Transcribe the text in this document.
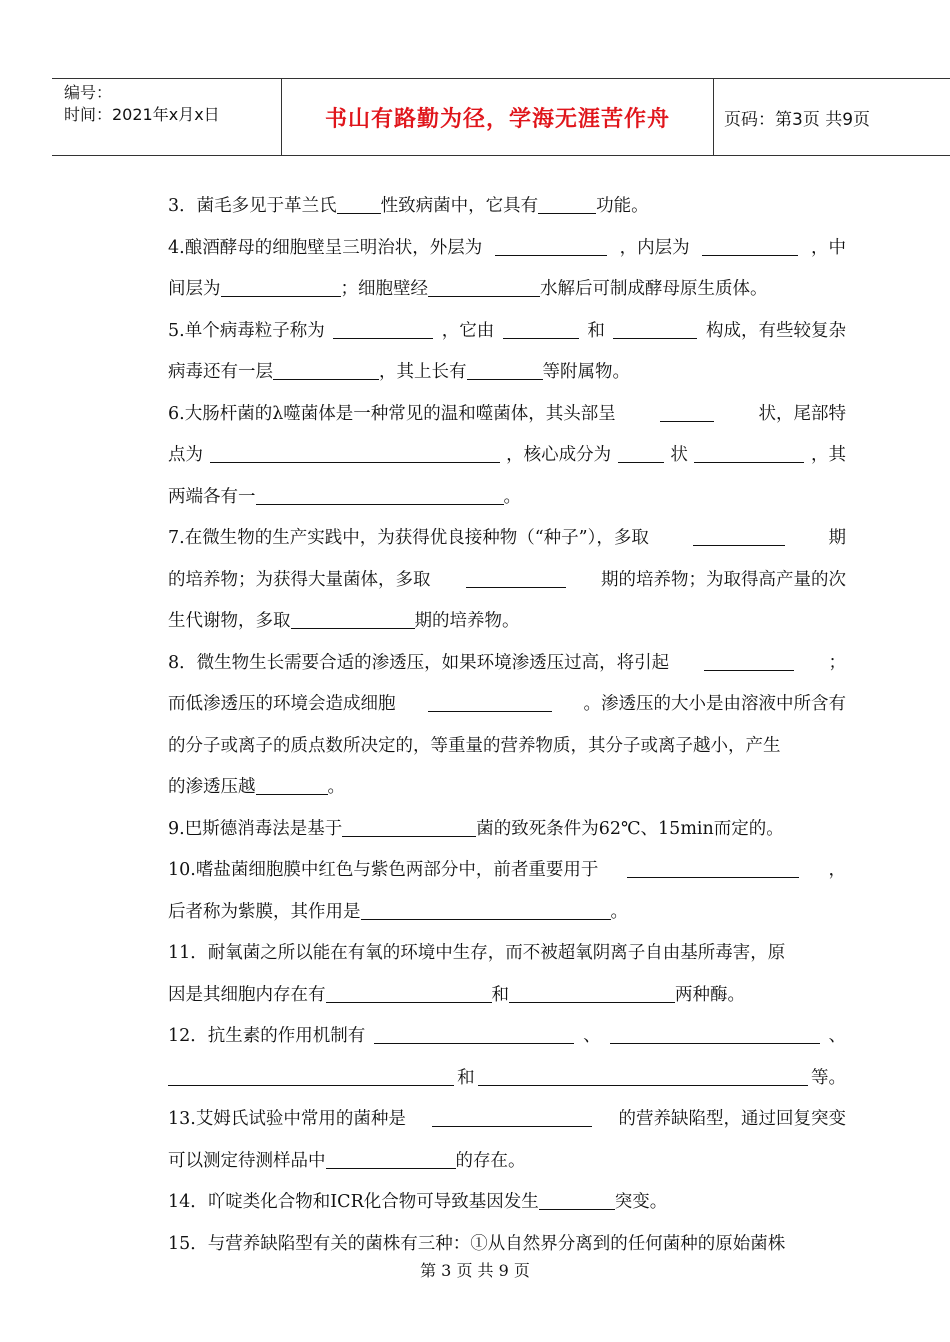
编号：
时间：2021年x月x日	书山有路勤为径，学海无涯苦作舟	页码：第3页 共9页
3．菌毛多见于革兰氏	性致病菌中，它具有	功能。
4.酿酒酵母的细胞壁呈三明治状，外层为	，内层为	，中
间层为	；细胞壁经	水解后可制成酵母原生质体。
5.单个病毒粒子称为	，它由	和	构成，有些较复杂
病毒还有一层	，其上长有	等附属物。
6.大肠杆菌的λ噬菌体是一种常见的温和噬菌体，其头部呈	状，尾部特
点为	，核心成分为	状	，其
两端各有一	。
7.在微生物的生产实践中，为获得优良接种物（“种子”），多取	期
的培养物；为获得大量菌体，多取	期的培养物；为取得高产量的次
生代谢物，多取	期的培养物。
8．微生物生长需要合适的渗透压，如果环境渗透压过高，将引起	；
而低渗透压的环境会造成细胞	。渗透压的大小是由溶液中所含有
的分子或离子的质点数所决定的，等重量的营养物质，其分子或离子越小，产生
的渗透压越	。
9.巴斯德消毒法是基于	菌的致死条件为62℃、15min而定的。
10.嗜盐菌细胞膜中红色与紫色两部分中，前者重要用于	，
后者称为紫膜，其作用是	。
11．耐氧菌之所以能在有氧的环境中生存，而不被超氧阴离子自由基所毒害，原
因是其细胞内存在有	和	两种酶。
12．抗生素的作用机制有	、	、
和	等。
13.艾姆氏试验中常用的菌种是	的营养缺陷型，通过回复突变
可以测定待测样品中	的存在。
14．吖啶类化合物和ICR化合物可导致基因发生	突变。
15．与营养缺陷型有关的菌株有三种：①从自然界分离到的任何菌种的原始菌株
第 3 页 共 9 页
